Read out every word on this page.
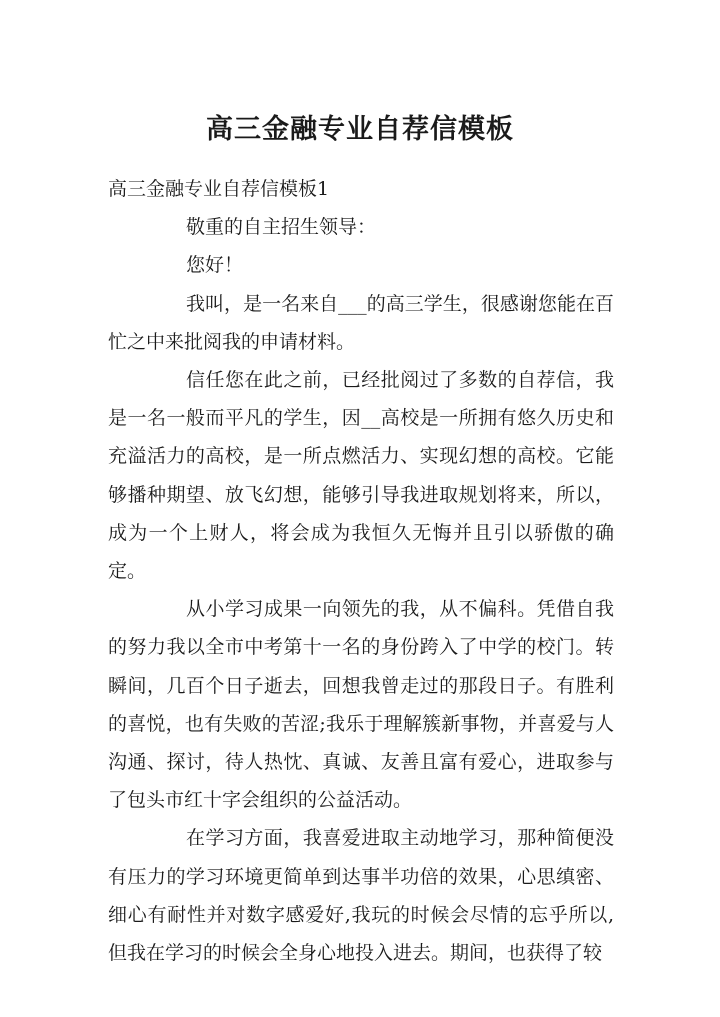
高三金融专业自荐信模板

高三金融专业自荐信模板1

敬重的自主招生领导：

您好！

我叫，是一名来自___的高三学生，很感谢您能在百忙之中来批阅我的申请材料。

信任您在此之前，已经批阅过了多数的自荐信，我是一名一般而平凡的学生，因__高校是一所拥有悠久历史和充溢活力的高校，是一所点燃活力、实现幻想的高校。它能够播种期望、放飞幻想，能够引导我进取规划将来，所以，成为一个上财人，将会成为我恒久无悔并且引以骄傲的确定。

从小学习成果一向领先的我，从不偏科。凭借自我的努力我以全市中考第十一名的身份跨入了中学的校门。转瞬间，几百个日子逝去，回想我曾走过的那段日子。有胜利的喜悦，也有失败的苦涩;我乐于理解簇新事物，并喜爱与人沟通、探讨，待人热忱、真诚、友善且富有爱心，进取参与了包头市红十字会组织的公益活动。

在学习方面，我喜爱进取主动地学习，那种简便没有压力的学习环境更简单到达事半功倍的效果，心思缜密、细心有耐性并对数字感爱好,我玩的时候会尽情的忘乎所以,但我在学习的时候会全身心地投入进去。期间，也获得了较
